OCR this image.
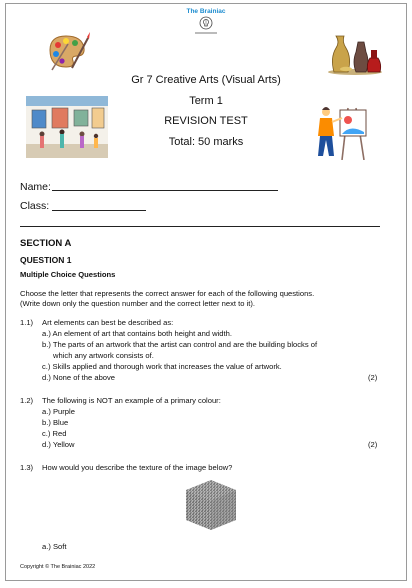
The Brainiac
Gr 7 Creative Arts (Visual Arts)
Term 1
REVISION TEST
Total: 50 marks
Name:
Class:
SECTION A
QUESTION 1
Multiple Choice Questions
Choose the letter that represents the correct answer for each of the following questions.
(Write down only the question number and the correct letter next to it).
1.1) Art elements can best be described as:
a.) An element of art that contains both height and width.
b.) The parts of an artwork that the artist can control and are the building blocks of
which any artwork consists of.
c.) Skills applied and thorough work that increases the value of artwork.
d.) None of the above	(2)
1.2) The following is NOT an example of a primary colour:
a.) Purple
b.) Blue
c.) Red
d.) Yellow	(2)
1.3) How would you describe the texture of the image below?
a.) Soft
Copyright © The Brainiac 2022
